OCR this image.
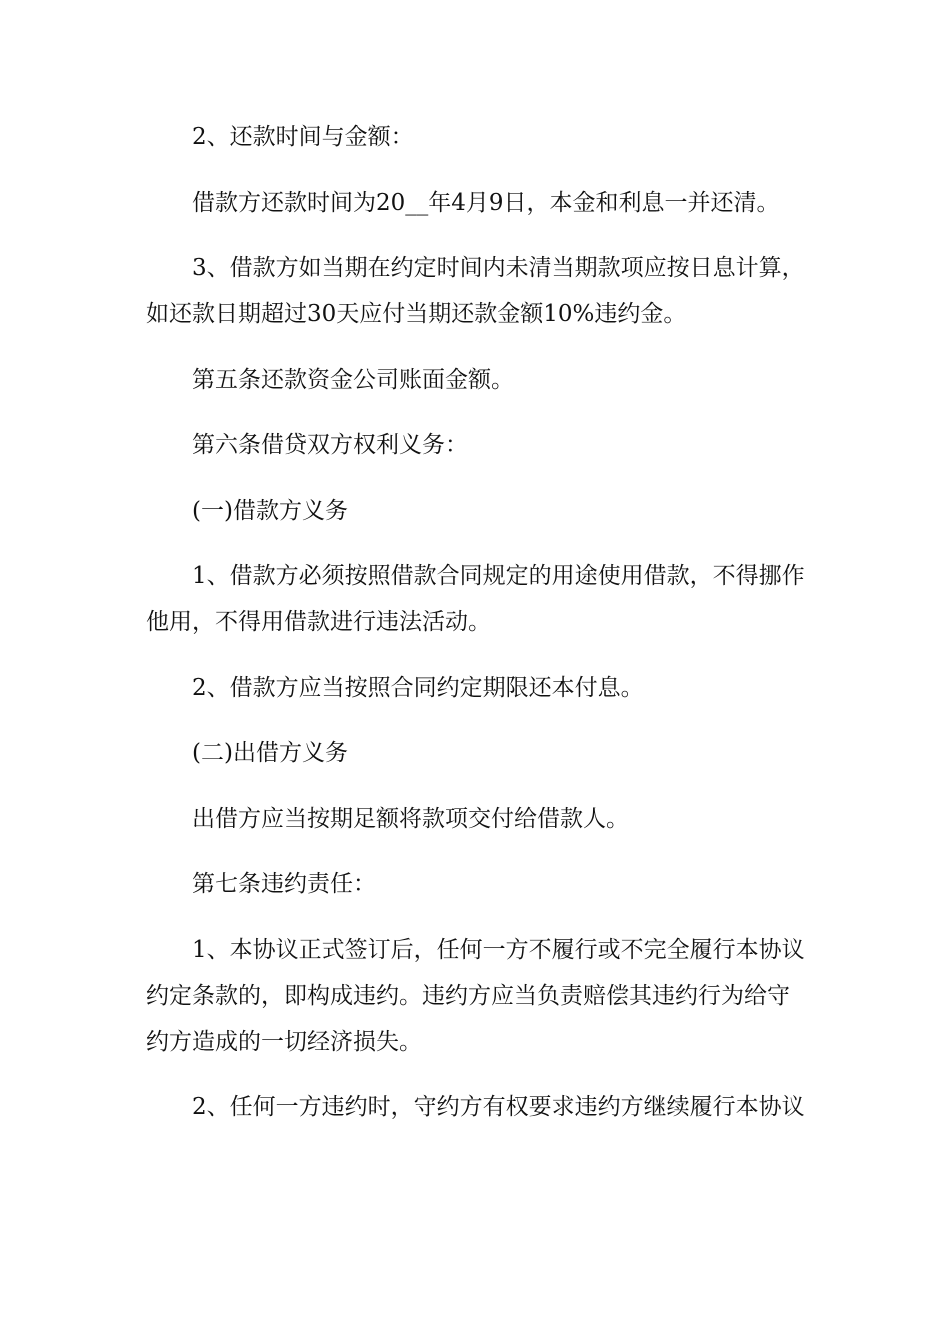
2、还款时间与金额：

借款方还款时间为20__年4月9日，本金和利息一并还清。

3、借款方如当期在约定时间内未清当期款项应按日息计算，如还款日期超过30天应付当期还款金额10%违约金。

第五条还款资金公司账面金额。

第六条借贷双方权利义务：

(一)借款方义务

1、借款方必须按照借款合同规定的用途使用借款，不得挪作他用，不得用借款进行违法活动。

2、借款方应当按照合同约定期限还本付息。

(二)出借方义务

出借方应当按期足额将款项交付给借款人。

第七条违约责任：

1、本协议正式签订后，任何一方不履行或不完全履行本协议约定条款的，即构成违约。违约方应当负责赔偿其违约行为给守约方造成的一切经济损失。

2、任何一方违约时，守约方有权要求违约方继续履行本协议
